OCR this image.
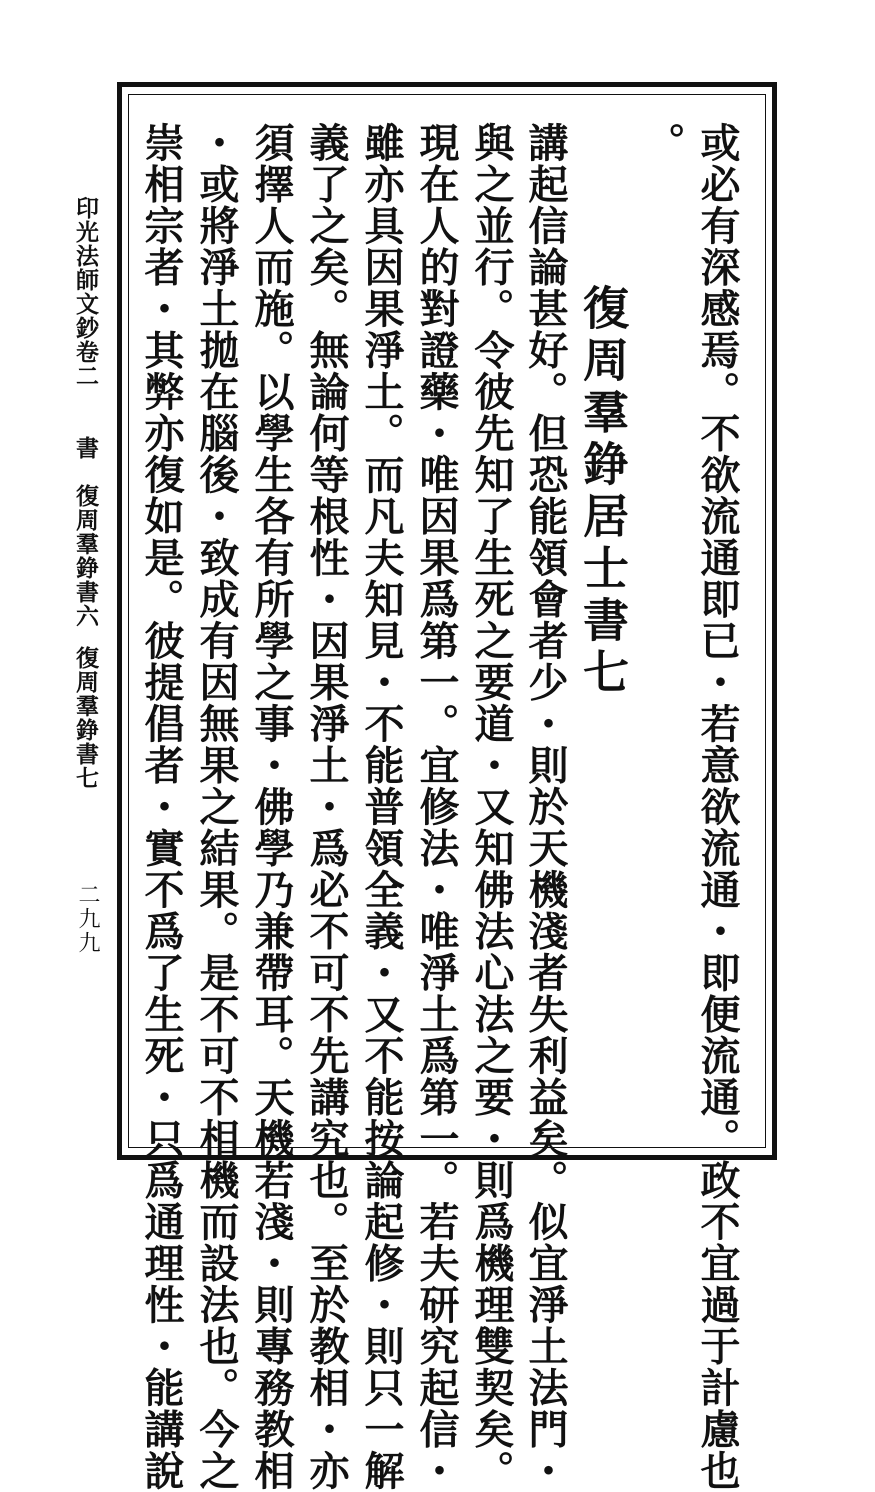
印光法師文鈔卷二書復周羣錚書六復周羣錚書七
二九九	或必有深感焉。不欲流通即已・若意欲流通・即便流通。政不宜過于計慮也
。
復周羣錚居士書七
講起信論甚好。但恐能領會者少・則於天機淺者失利益矣。似宜淨土法門・
與之並行。令彼先知了生死之要道・又知佛法心法之要・則爲機理雙契矣。
現在人的對證藥・唯因果爲第一。宜修法・唯淨土爲第一。若夫研究起信・
雖亦具因果淨土。而凡夫知見・不能普領全義・又不能按論起修・則只一解
義了之矣。無論何等根性・因果淨土・爲必不可不先講究也。至於教相・亦
須擇人而施。以學生各有所學之事・佛學乃兼帶耳。天機若淺・則專務教相
・或將淨土拋在腦後・致成有因無果之結果。是不可不相機而設法也。今之
崇相宗者・其弊亦復如是。彼提倡者・實不爲了生死・只爲通理性・能講說
